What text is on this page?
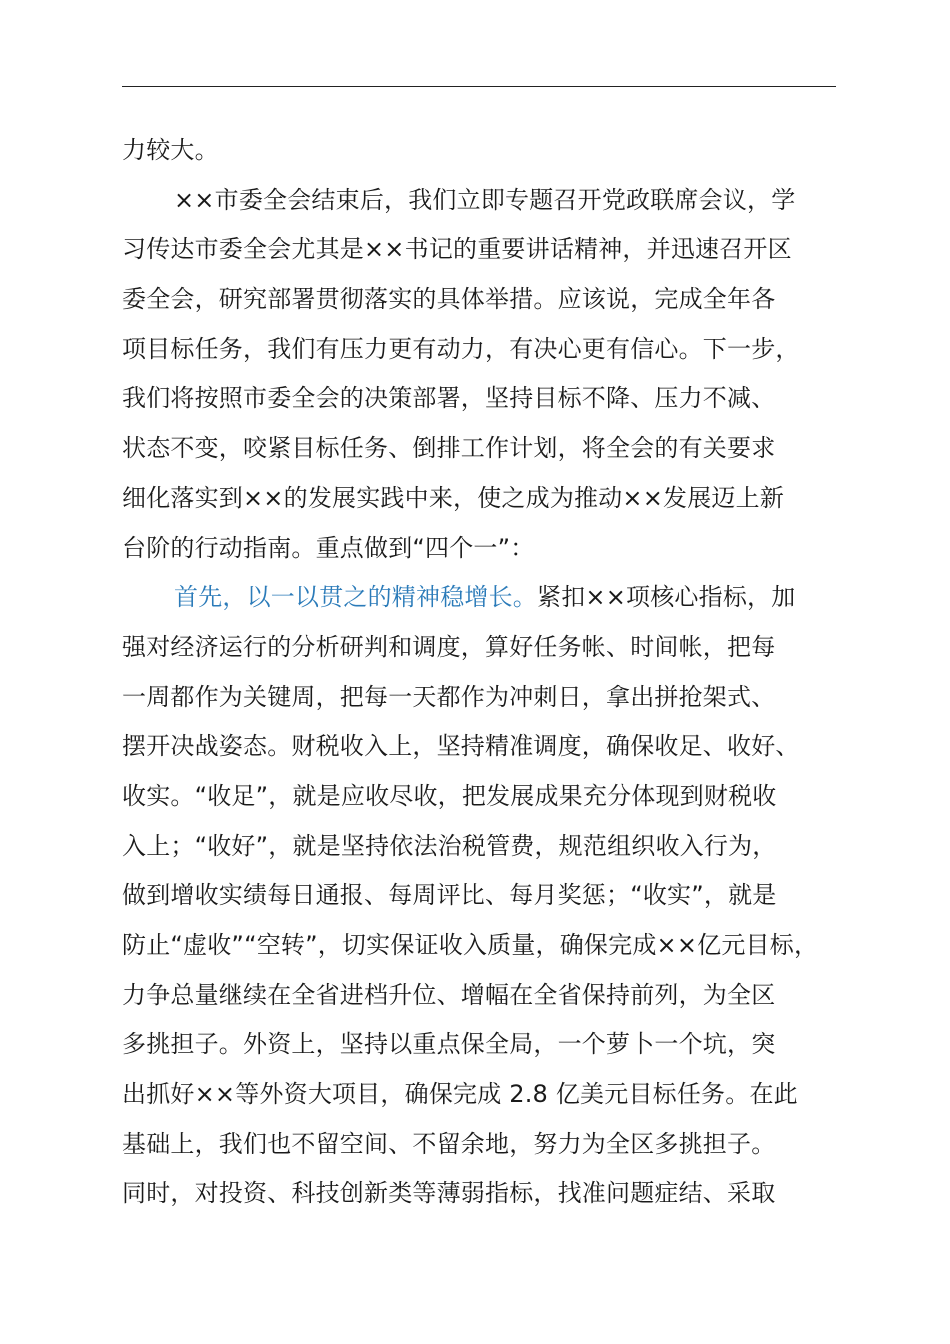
力较大。
××市委全会结束后，我们立即专题召开党政联席会议，学
习传达市委全会尤其是××书记的重要讲话精神，并迅速召开区
委全会，研究部署贯彻落实的具体举措。应该说，完成全年各
项目标任务，我们有压力更有动力，有决心更有信心。下一步，
我们将按照市委全会的决策部署，坚持目标不降、压力不减、
状态不变，咬紧目标任务、倒排工作计划，将全会的有关要求
细化落实到××的发展实践中来，使之成为推动××发展迈上新
台阶的行动指南。重点做到“四个一”：
首先，以一以贯之的精神稳增长。紧扣××项核心指标，加
强对经济运行的分析研判和调度，算好任务帐、时间帐，把每
一周都作为关键周，把每一天都作为冲刺日，拿出拼抢架式、
摆开决战姿态。财税收入上，坚持精准调度，确保收足、收好、
收实。“收足”，就是应收尽收，把发展成果充分体现到财税收
入上；“收好”，就是坚持依法治税管费，规范组织收入行为，
做到增收实绩每日通报、每周评比、每月奖惩；“收实”，就是
防止“虚收”“空转”，切实保证收入质量，确保完成××亿元目标，
力争总量继续在全省进档升位、增幅在全省保持前列，为全区
多挑担子。外资上，坚持以重点保全局，一个萝卜一个坑，突
出抓好××等外资大项目，确保完成 2.8 亿美元目标任务。在此
基础上，我们也不留空间、不留余地，努力为全区多挑担子。
同时，对投资、科技创新类等薄弱指标，找准问题症结、采取
